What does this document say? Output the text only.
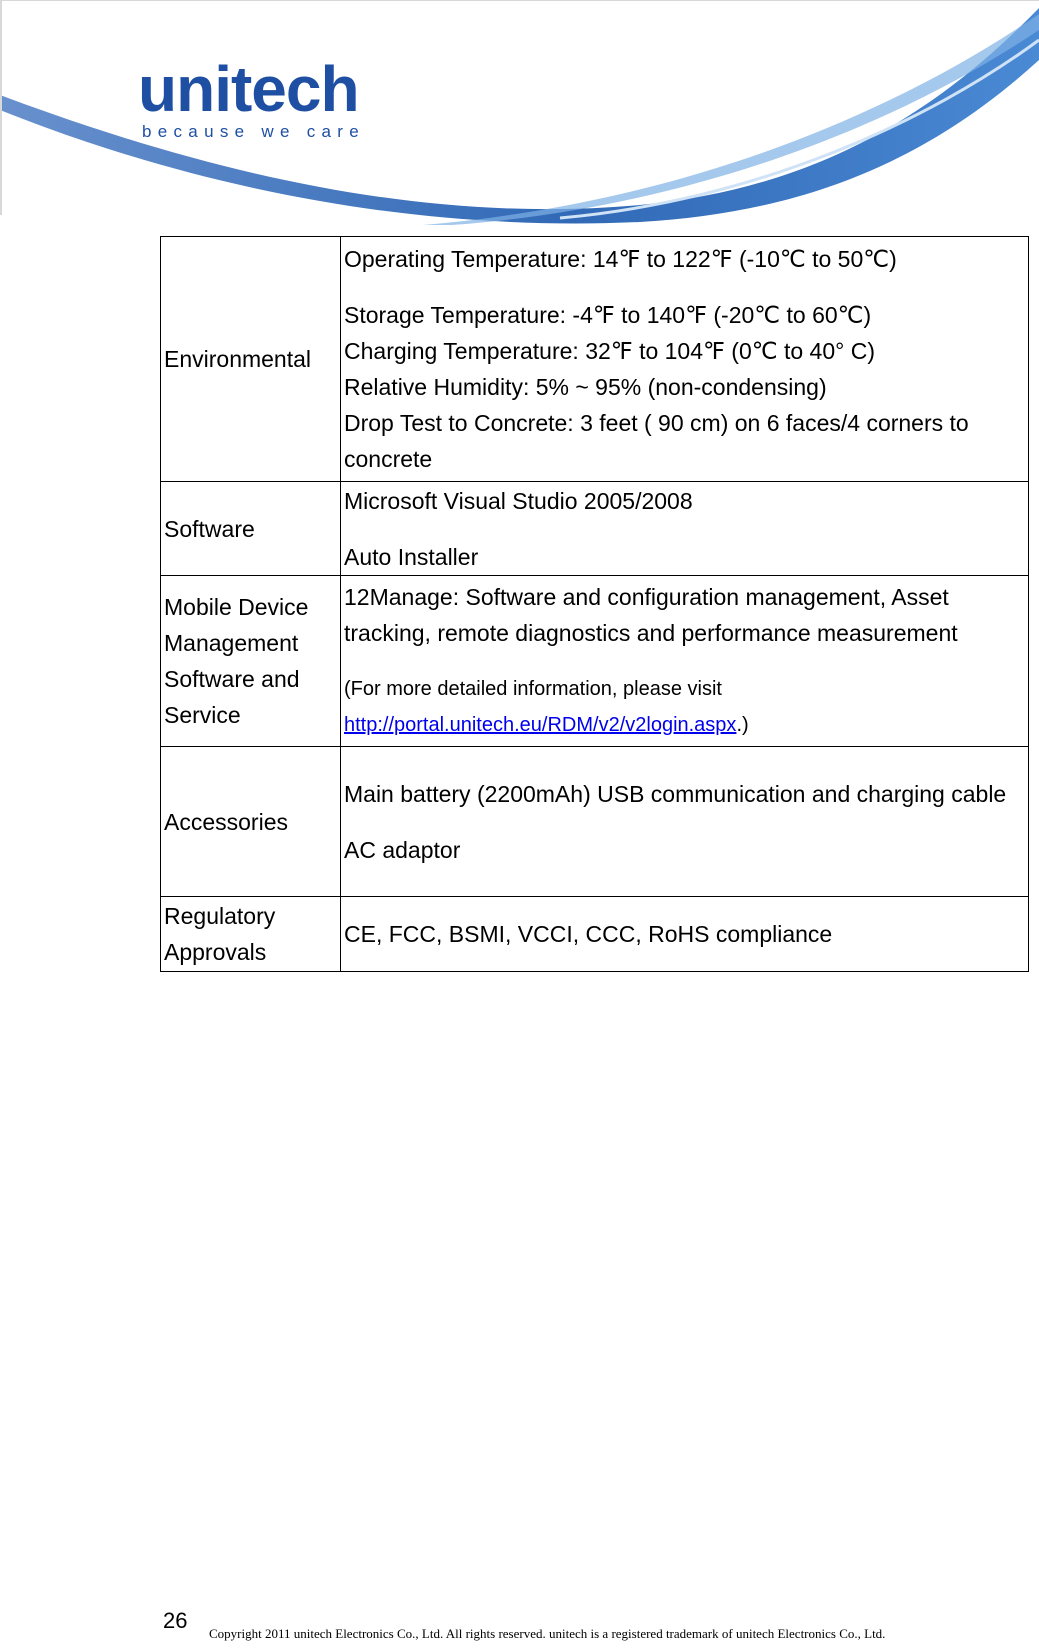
unitech
because we care
Environmental	Operating Temperature: 14℉ to 122℉ (-10℃ to 50℃)

Storage Temperature: -4℉ to 140℉ (-20℃ to 60℃)

Charging Temperature: 32℉ to 104℉ (0℃ to 40° C)

Relative Humidity: 5% ~ 95% (non-condensing)

Drop Test to Concrete: 3 feet ( 90 cm) on 6 faces/4 corners to concrete

Software	Microsoft Visual Studio 2005/2008

Auto Installer

Mobile Device Management Software and Service	12Manage: Software and configuration management, Asset tracking, remote diagnostics and performance measurement

(For more detailed information, please visit

http://portal.unitech.eu/RDM/v2/v2login.aspx.)

Accessories	Main battery (2200mAh) USB communication and charging cable

AC adaptor

Regulatory Approvals	CE, FCC, BSMI, VCCI, CCC, RoHS compliance

26
Copyright 2011 unitech Electronics Co., Ltd. All rights reserved. unitech is a registered trademark of unitech Electronics Co., Ltd.
